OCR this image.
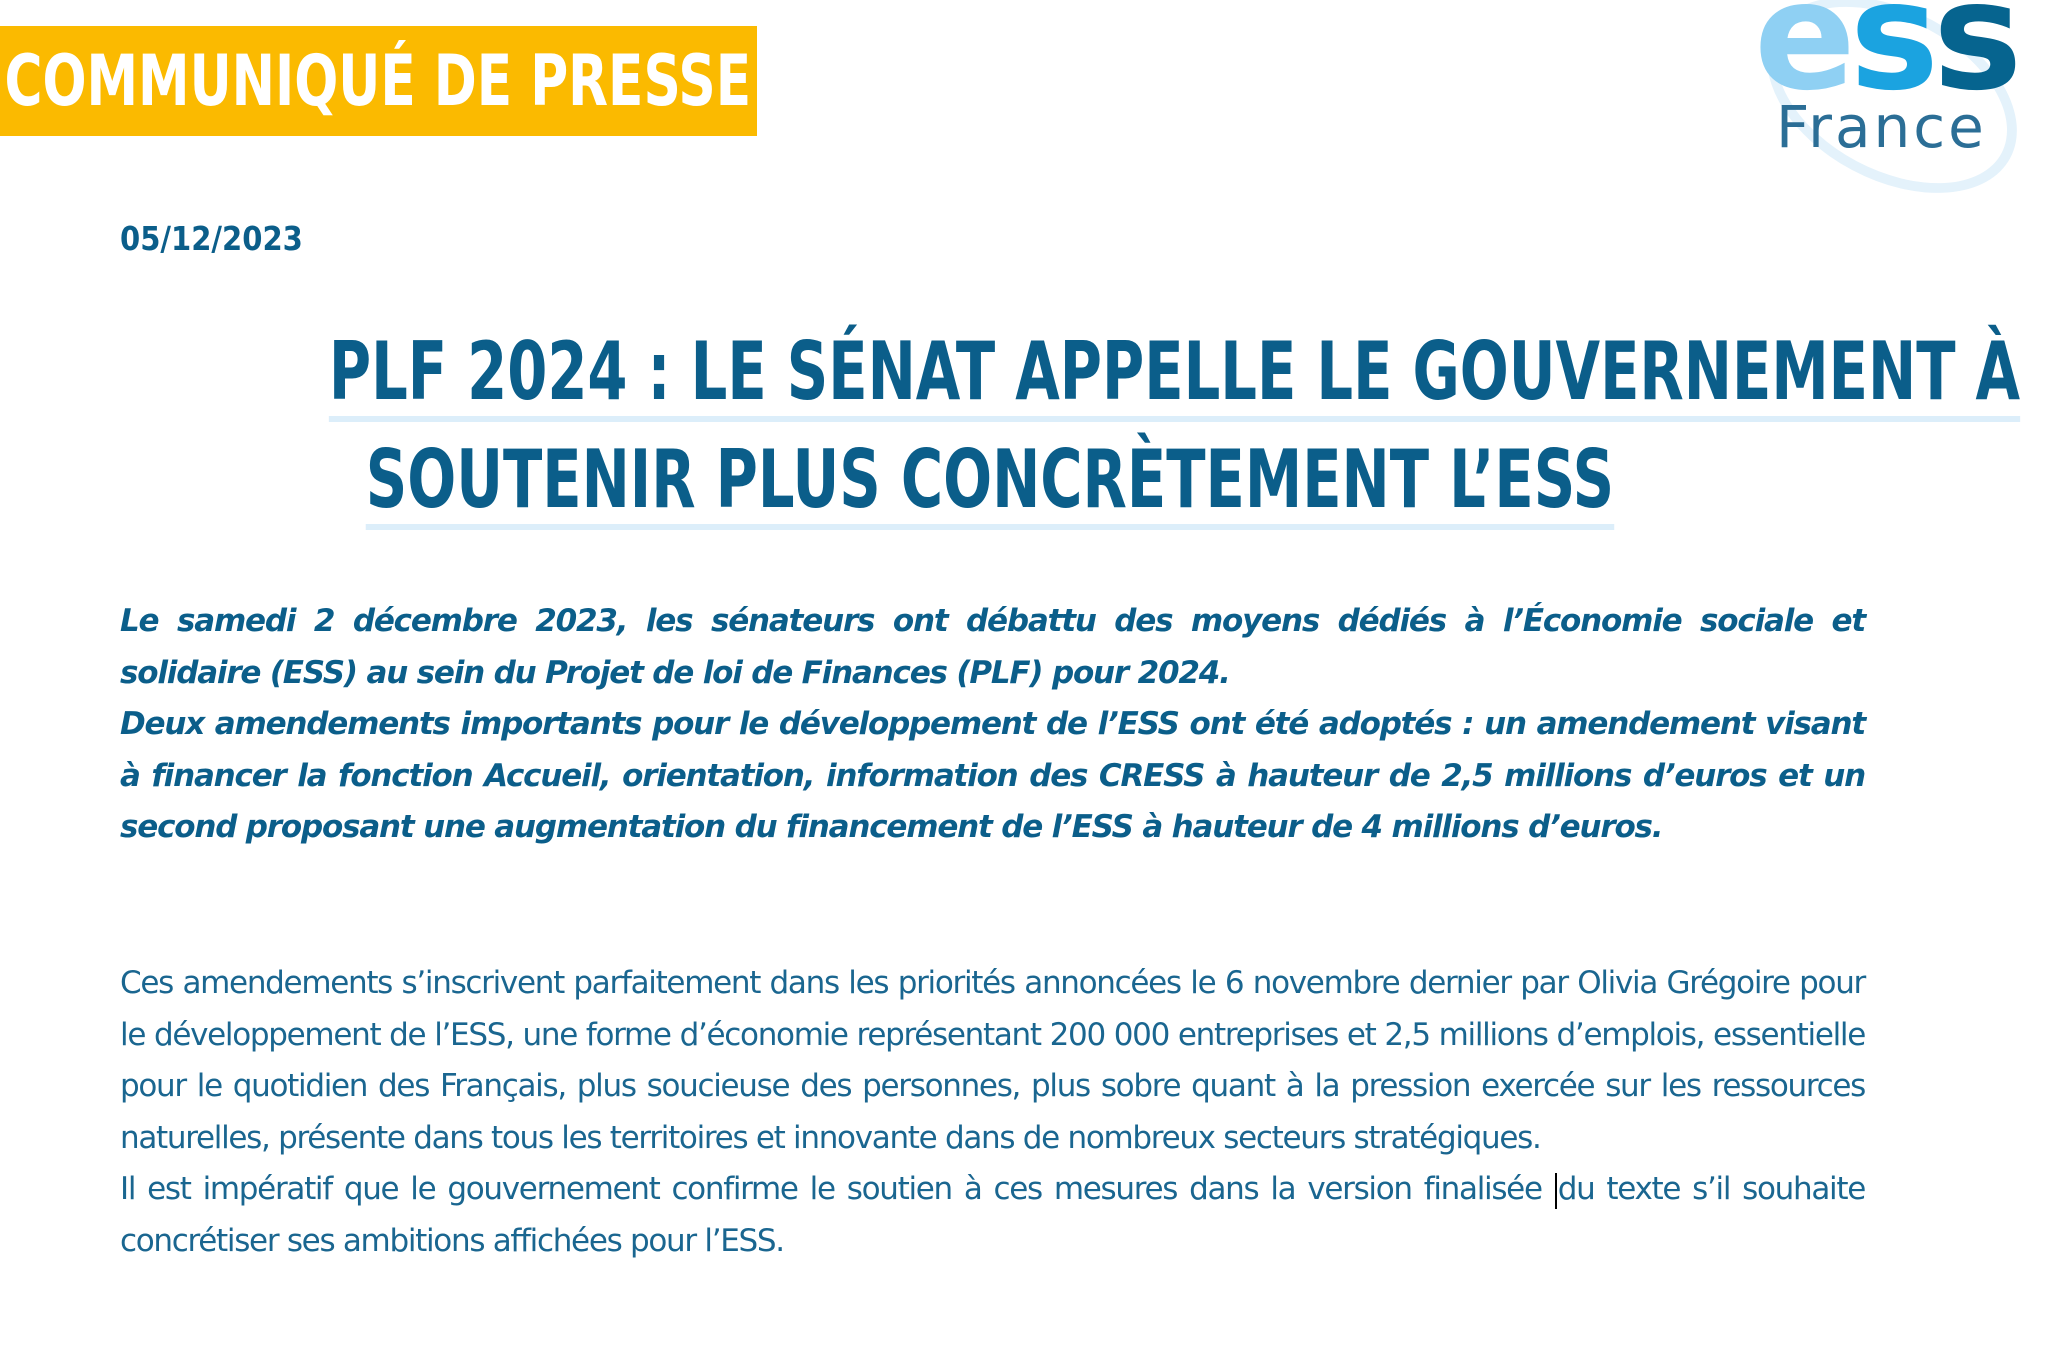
COMMUNIQUÉ DE PRESSE	ess
France
05/12/2023
PLF 2024 : LE SÉNAT APPELLE LE GOUVERNEMENT À
SOUTENIR PLUS CONCRÈTEMENT L’ESS

Le samedi 2 décembre 2023, les sénateurs ont débattu des moyens dédiés à l’Économie sociale et solidaire (ESS) au sein du Projet de loi de Finances (PLF) pour 2024.

Deux amendements importants pour le développement de l’ESS ont été adoptés : un amendement visant à financer la fonction Accueil, orientation, information des CRESS à hauteur de 2,5 millions d’euros et un second proposant une augmentation du financement de l’ESS à hauteur de 4 millions d’euros.

Ces amendements s’inscrivent parfaitement dans les priorités annoncées le 6 novembre dernier par Olivia Grégoire pour le développement de l’ESS, une forme d’économie représentant 200 000 entreprises et 2,5 millions d’emplois, essentielle pour le quotidien des Français, plus soucieuse des personnes, plus sobre quant à la pression exercée sur les ressources naturelles, présente dans tous les territoires et innovante dans de nombreux secteurs stratégiques.

Il est impératif que le gouvernement confirme le soutien à ces mesures dans la version finalisée du texte s’il souhaite concrétiser ses ambitions affichées pour l’ESS.
